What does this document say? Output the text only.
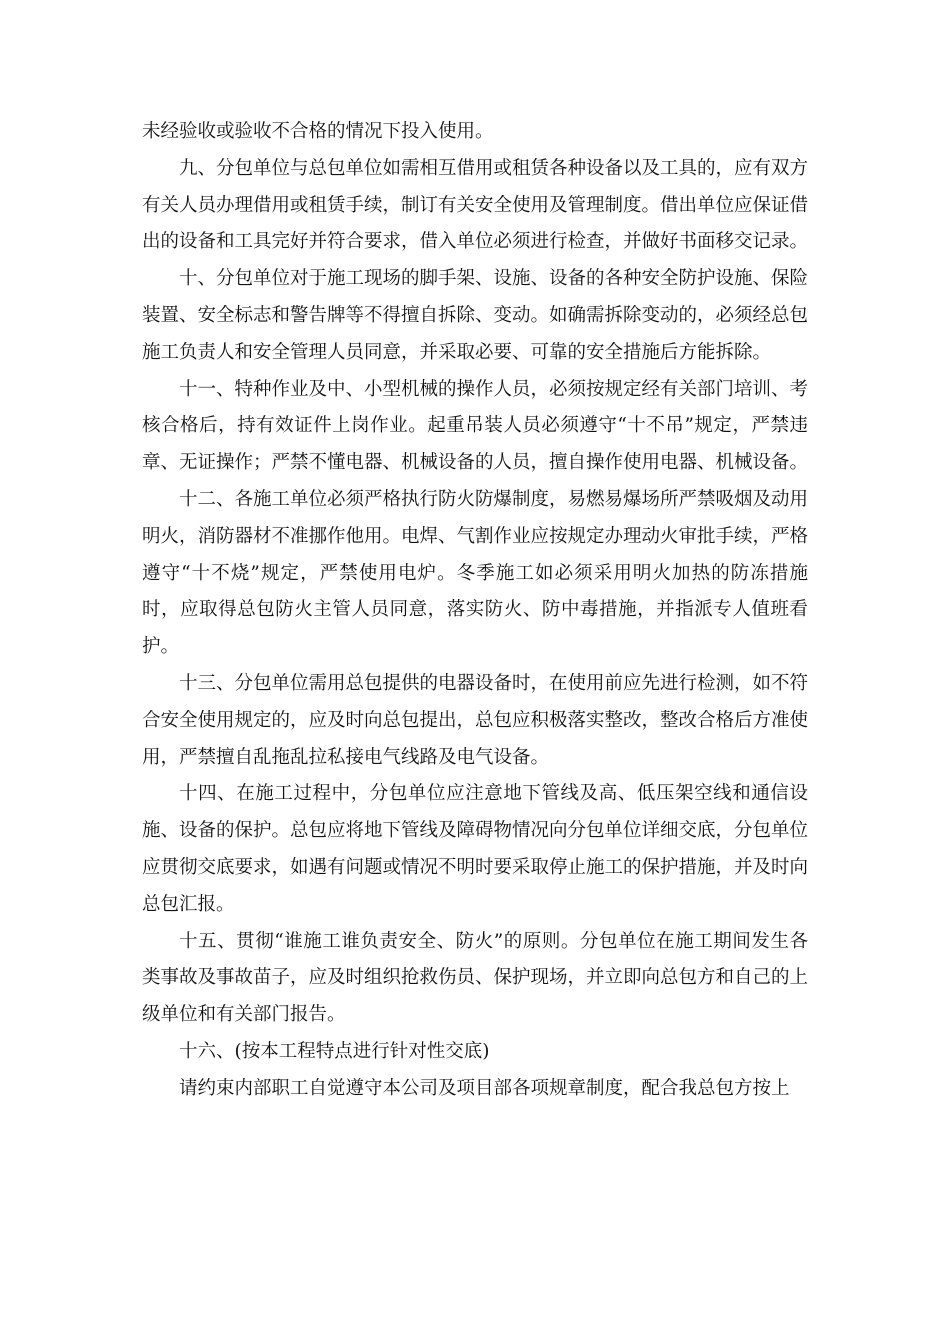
未经验收或验收不合格的情况下投入使用。

九、分包单位与总包单位如需相互借用或租赁各种设备以及工具的，应有双方有关人员办理借用或租赁手续，制订有关安全使用及管理制度。借出单位应保证借出的设备和工具完好并符合要求，借入单位必须进行检查，并做好书面移交记录。

十、分包单位对于施工现场的脚手架、设施、设备的各种安全防护设施、保险装置、安全标志和警告牌等不得擅自拆除、变动。如确需拆除变动的，必须经总包施工负责人和安全管理人员同意，并采取必要、可靠的安全措施后方能拆除。

十一、特种作业及中、小型机械的操作人员，必须按规定经有关部门培训、考核合格后，持有效证件上岗作业。起重吊装人员必须遵守“十不吊”规定，严禁违章、无证操作；严禁不懂电器、机械设备的人员，擅自操作使用电器、机械设备。

十二、各施工单位必须严格执行防火防爆制度，易燃易爆场所严禁吸烟及动用明火，消防器材不准挪作他用。电焊、气割作业应按规定办理动火审批手续，严格遵守“十不烧”规定，严禁使用电炉。冬季施工如必须采用明火加热的防冻措施时，应取得总包防火主管人员同意，落实防火、防中毒措施，并指派专人值班看护。

十三、分包单位需用总包提供的电器设备时，在使用前应先进行检测，如不符合安全使用规定的，应及时向总包提出，总包应积极落实整改，整改合格后方准使用，严禁擅自乱拖乱拉私接电气线路及电气设备。

十四、在施工过程中，分包单位应注意地下管线及高、低压架空线和通信设施、设备的保护。总包应将地下管线及障碍物情况向分包单位详细交底，分包单位应贯彻交底要求，如遇有问题或情况不明时要采取停止施工的保护措施，并及时向总包汇报。

十五、贯彻“谁施工谁负责安全、防火”的原则。分包单位在施工期间发生各类事故及事故苗子，应及时组织抢救伤员、保护现场，并立即向总包方和自己的上级单位和有关部门报告。

十六、(按本工程特点进行针对性交底)

请约束内部职工自觉遵守本公司及项目部各项规章制度，配合我总包方按上
